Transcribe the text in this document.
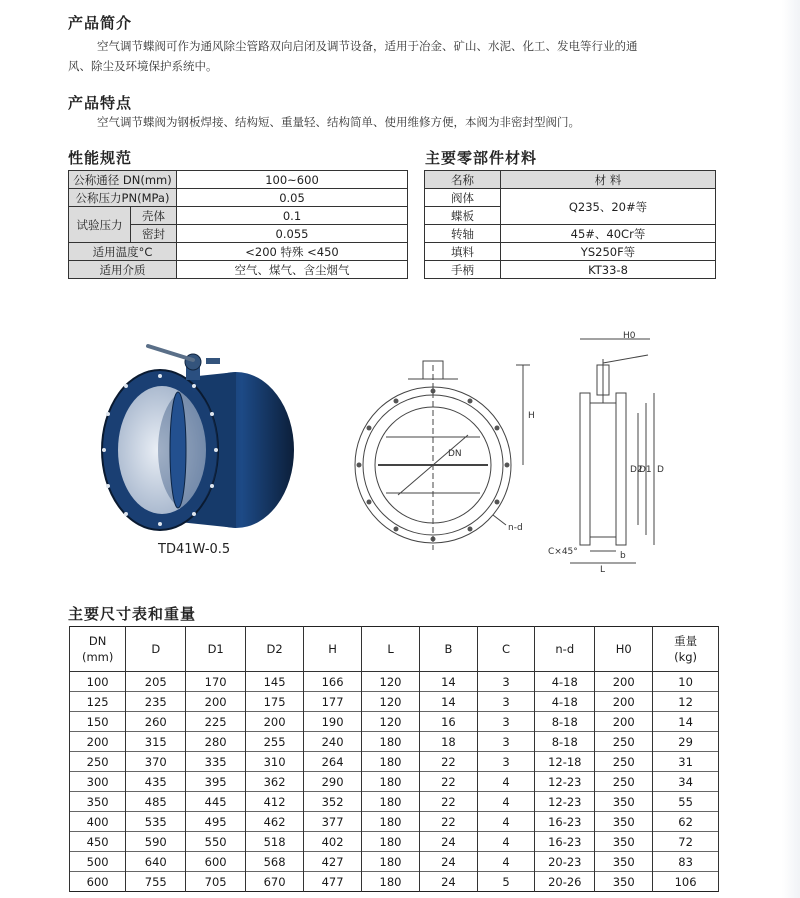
产品简介
空气调节蝶阀可作为通风除尘管路双向启闭及调节设备，适用于冶金、矿山、水泥、化工、发电等行业的通
风、除尘及环境保护系统中。
产品特点
空气调节蝶阀为钢板焊接、结构短、重量轻、结构简单、使用维修方便，本阀为非密封型阀门。
性能规范
公称通径 DN(mm)		100~600
公称压力PN(MPa)		0.05
试验压力	壳体	0.1
	密封	0.055
适用温度°C		<200 特殊 <450
适用介质		空气、煤气、含尘烟气
主要零部件材料
名称	材 料
阀体	Q235、20#等
蝶板	
转轴	45#、40Cr等
填料	YS250F等
手柄	KT33-8
TD41W-0.5
H0
H
DN
n-d
D2
D1 D
C×45°
L
b
主要尺寸表和重量
DN
(mm)	D	D1	D2	H	L	B	C	n-d	H0	重量
(kg)
100	205	170	145	166	120	14	3	4-18	200	10
125	235	200	175	177	120	14	3	4-18	200	12
150	260	225	200	190	120	16	3	8-18	200	14
200	315	280	255	240	180	18	3	8-18	250	29
250	370	335	310	264	180	22	3	12-18	250	31
300	435	395	362	290	180	22	4	12-23	250	34
350	485	445	412	352	180	22	4	12-23	350	55
400	535	495	462	377	180	22	4	16-23	350	62
450	590	550	518	402	180	24	4	16-23	350	72
500	640	600	568	427	180	24	4	20-23	350	83
600	755	705	670	477	180	24	5	20-26	350	106
